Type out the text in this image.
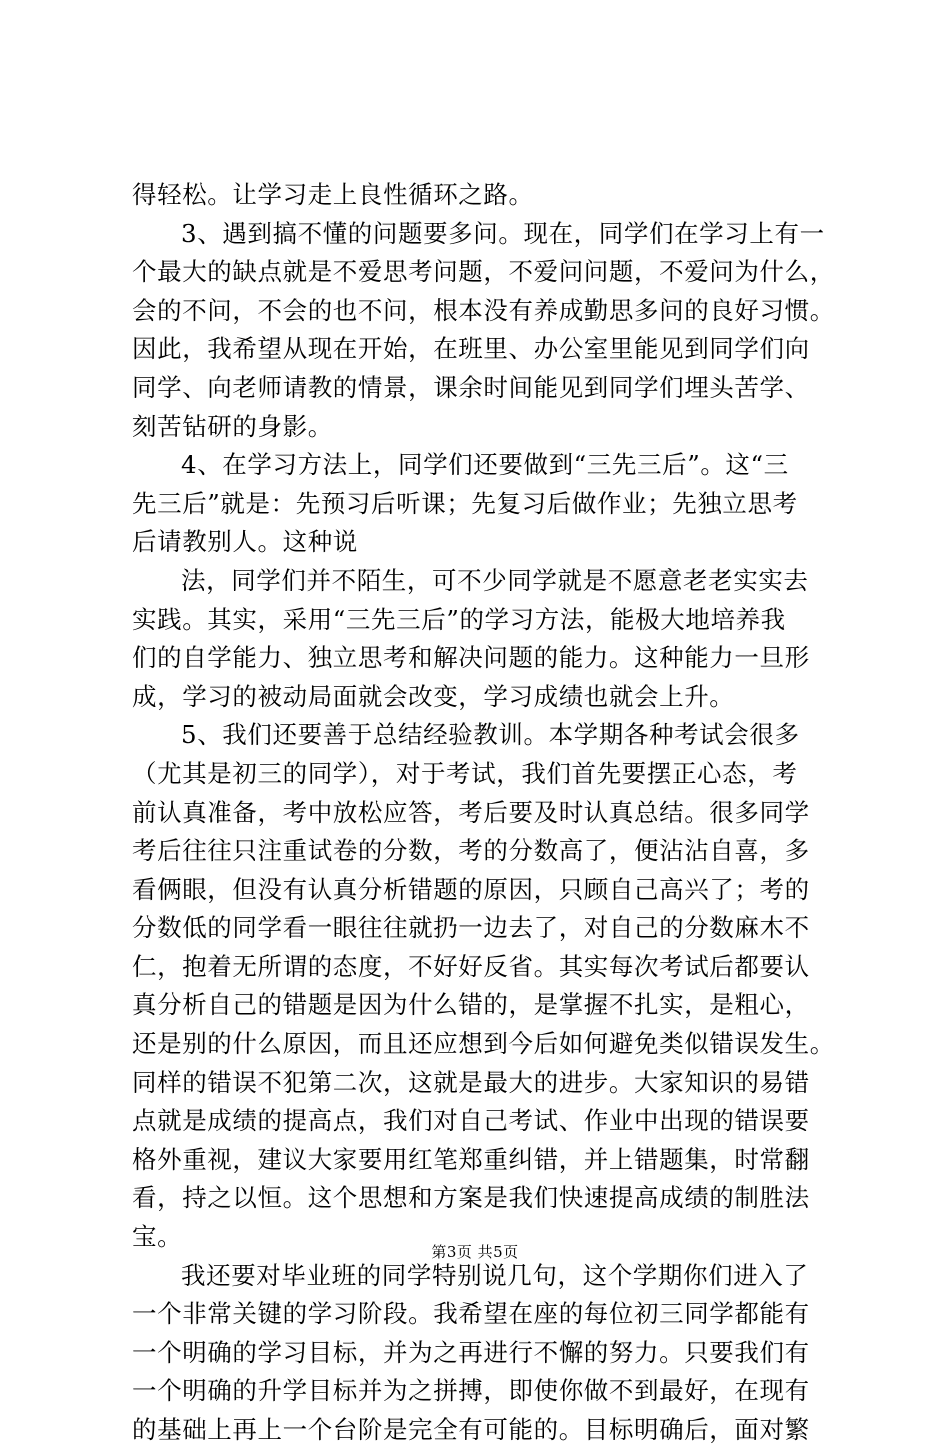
得轻松。让学习走上良性循环之路。
3、遇到搞不懂的问题要多问。现在，同学们在学习上有一
个最大的缺点就是不爱思考问题，不爱问问题，不爱问为什么，
会的不问，不会的也不问，根本没有养成勤思多问的良好习惯。
因此，我希望从现在开始，在班里、办公室里能见到同学们向
同学、向老师请教的情景，课余时间能见到同学们埋头苦学、
刻苦钻研的身影。
4、在学习方法上，同学们还要做到“三先三后”。这“三
先三后”就是：先预习后听课；先复习后做作业；先独立思考
后请教别人。这种说
法，同学们并不陌生，可不少同学就是不愿意老老实实去
实践。其实，采用“三先三后”的学习方法，能极大地培养我
们的自学能力、独立思考和解决问题的能力。这种能力一旦形
成，学习的被动局面就会改变，学习成绩也就会上升。
5、我们还要善于总结经验教训。本学期各种考试会很多
（尤其是初三的同学），对于考试，我们首先要摆正心态，考
前认真准备，考中放松应答，考后要及时认真总结。很多同学
考后往往只注重试卷的分数，考的分数高了，便沾沾自喜，多
看俩眼，但没有认真分析错题的原因，只顾自己高兴了；考的
分数低的同学看一眼往往就扔一边去了，对自己的分数麻木不
仁，抱着无所谓的态度，不好好反省。其实每次考试后都要认
真分析自己的错题是因为什么错的，是掌握不扎实，是粗心，
还是别的什么原因，而且还应想到今后如何避免类似错误发生。
同样的错误不犯第二次，这就是最大的进步。大家知识的易错
点就是成绩的提高点，我们对自己考试、作业中出现的错误要
格外重视，建议大家要用红笔郑重纠错，并上错题集，时常翻
看，持之以恒。这个思想和方案是我们快速提高成绩的制胜法
宝。
我还要对毕业班的同学特别说几句，这个学期你们进入了
一个非常关键的学习阶段。我希望在座的每位初三同学都能有
一个明确的学习目标，并为之再进行不懈的努力。只要我们有
一个明确的升学目标并为之拼搏，即使你做不到最好，在现有
的基础上再上一个台阶是完全有可能的。目标明确后，面对繁
第3页 共5页
